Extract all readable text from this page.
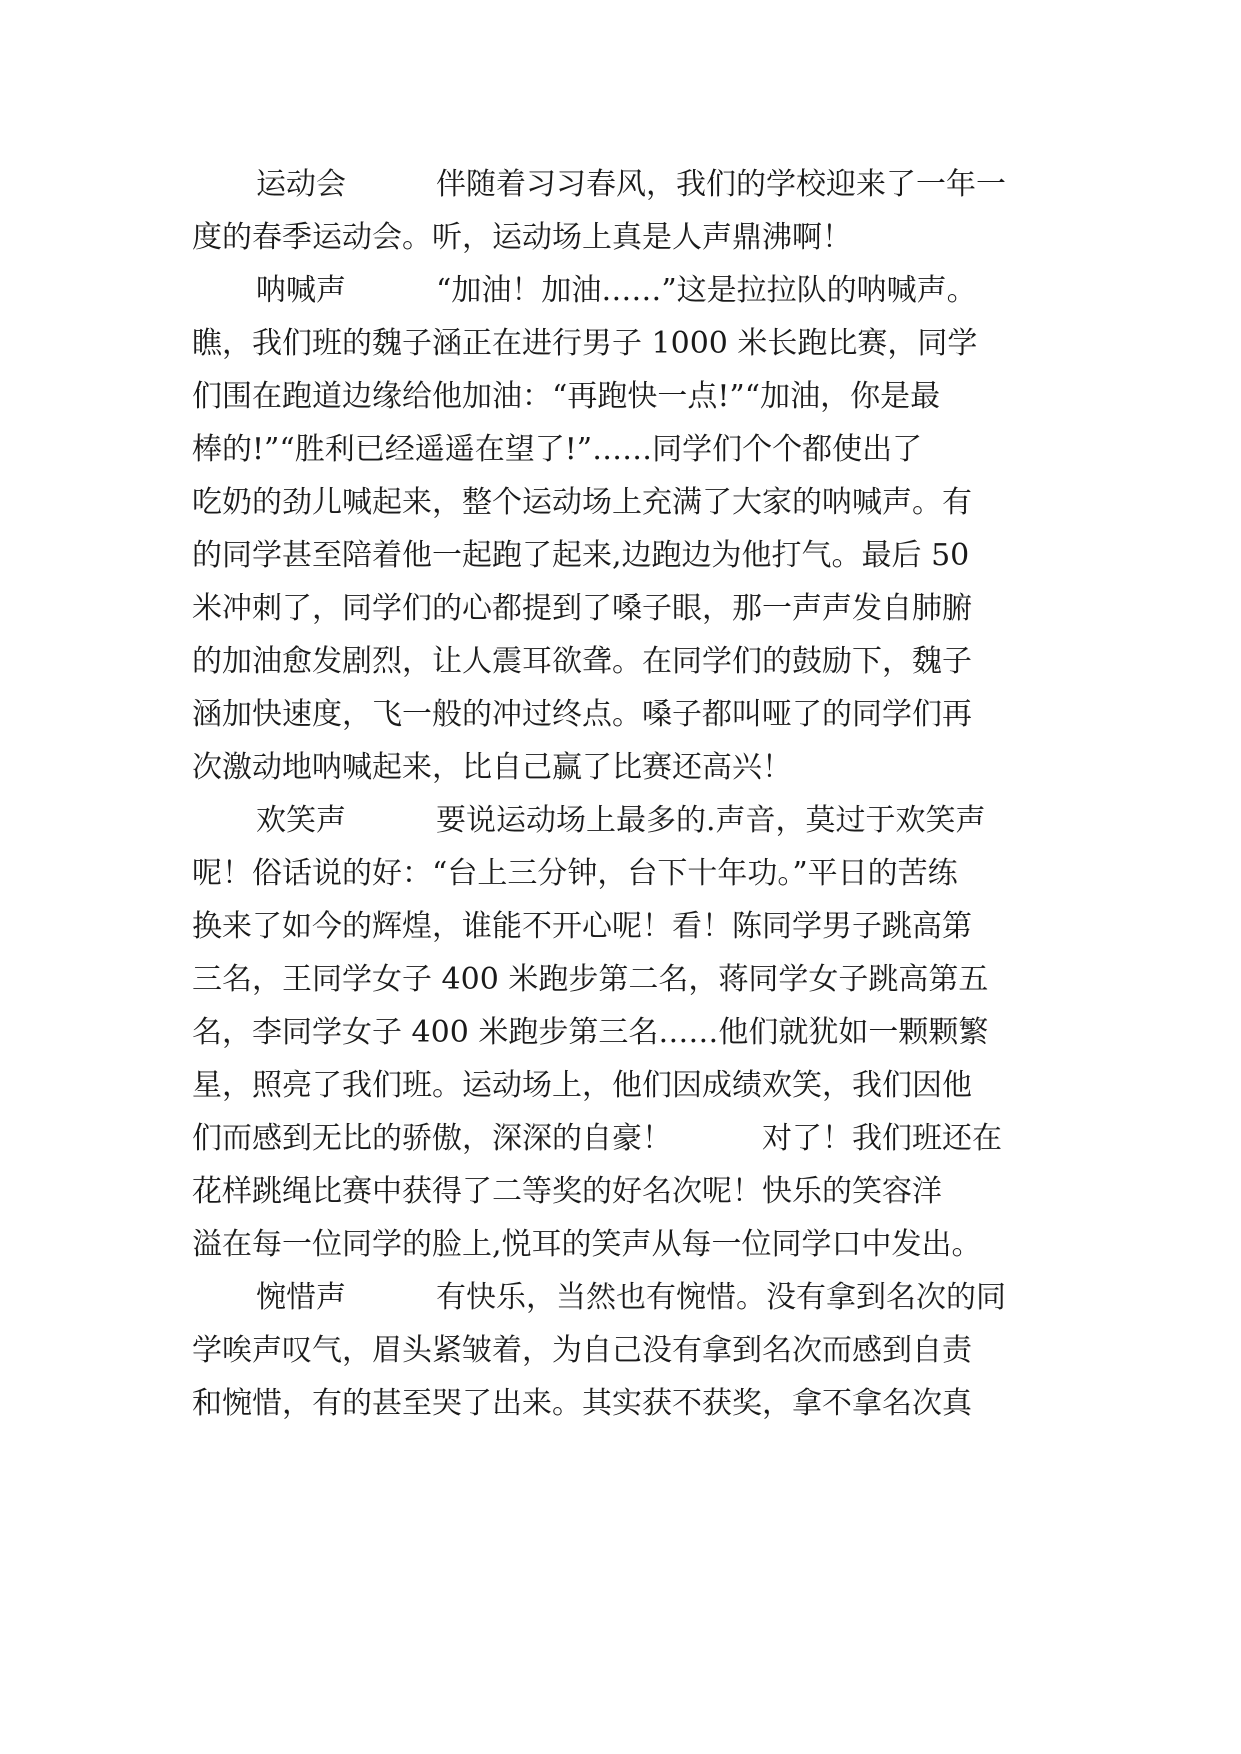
运动会　　　伴随着习习春风，我们的学校迎来了一年一
度的春季运动会。听，运动场上真是人声鼎沸啊！
呐喊声　　　“加油！加油……”这是拉拉队的呐喊声。
瞧，我们班的魏子涵正在进行男子 1000 米长跑比赛，同学
们围在跑道边缘给他加油：“再跑快一点!”“加油，你是最
棒的!”“胜利已经遥遥在望了!”……同学们个个都使出了
吃奶的劲儿喊起来，整个运动场上充满了大家的呐喊声。有
的同学甚至陪着他一起跑了起来,边跑边为他打气。最后 50
米冲刺了，同学们的心都提到了嗓子眼，那一声声发自肺腑
的加油愈发剧烈，让人震耳欲聋。在同学们的鼓励下，魏子
涵加快速度，飞一般的冲过终点。嗓子都叫哑了的同学们再
次激动地呐喊起来，比自己赢了比赛还高兴！
欢笑声　　　要说运动场上最多的.声音，莫过于欢笑声
呢！俗话说的好：“台上三分钟，台下十年功。”平日的苦练
换来了如今的辉煌，谁能不开心呢！看！陈同学男子跳高第
三名，王同学女子 400 米跑步第二名，蒋同学女子跳高第五
名，李同学女子 400 米跑步第三名……他们就犹如一颗颗繁
星，照亮了我们班。运动场上，他们因成绩欢笑，我们因他
们而感到无比的骄傲，深深的自豪！　　　对了！我们班还在
花样跳绳比赛中获得了二等奖的好名次呢！快乐的笑容洋
溢在每一位同学的脸上,悦耳的笑声从每一位同学口中发出。
惋惜声　　　有快乐，当然也有惋惜。没有拿到名次的同
学唉声叹气，眉头紧皱着，为自己没有拿到名次而感到自责
和惋惜，有的甚至哭了出来。其实获不获奖，拿不拿名次真
